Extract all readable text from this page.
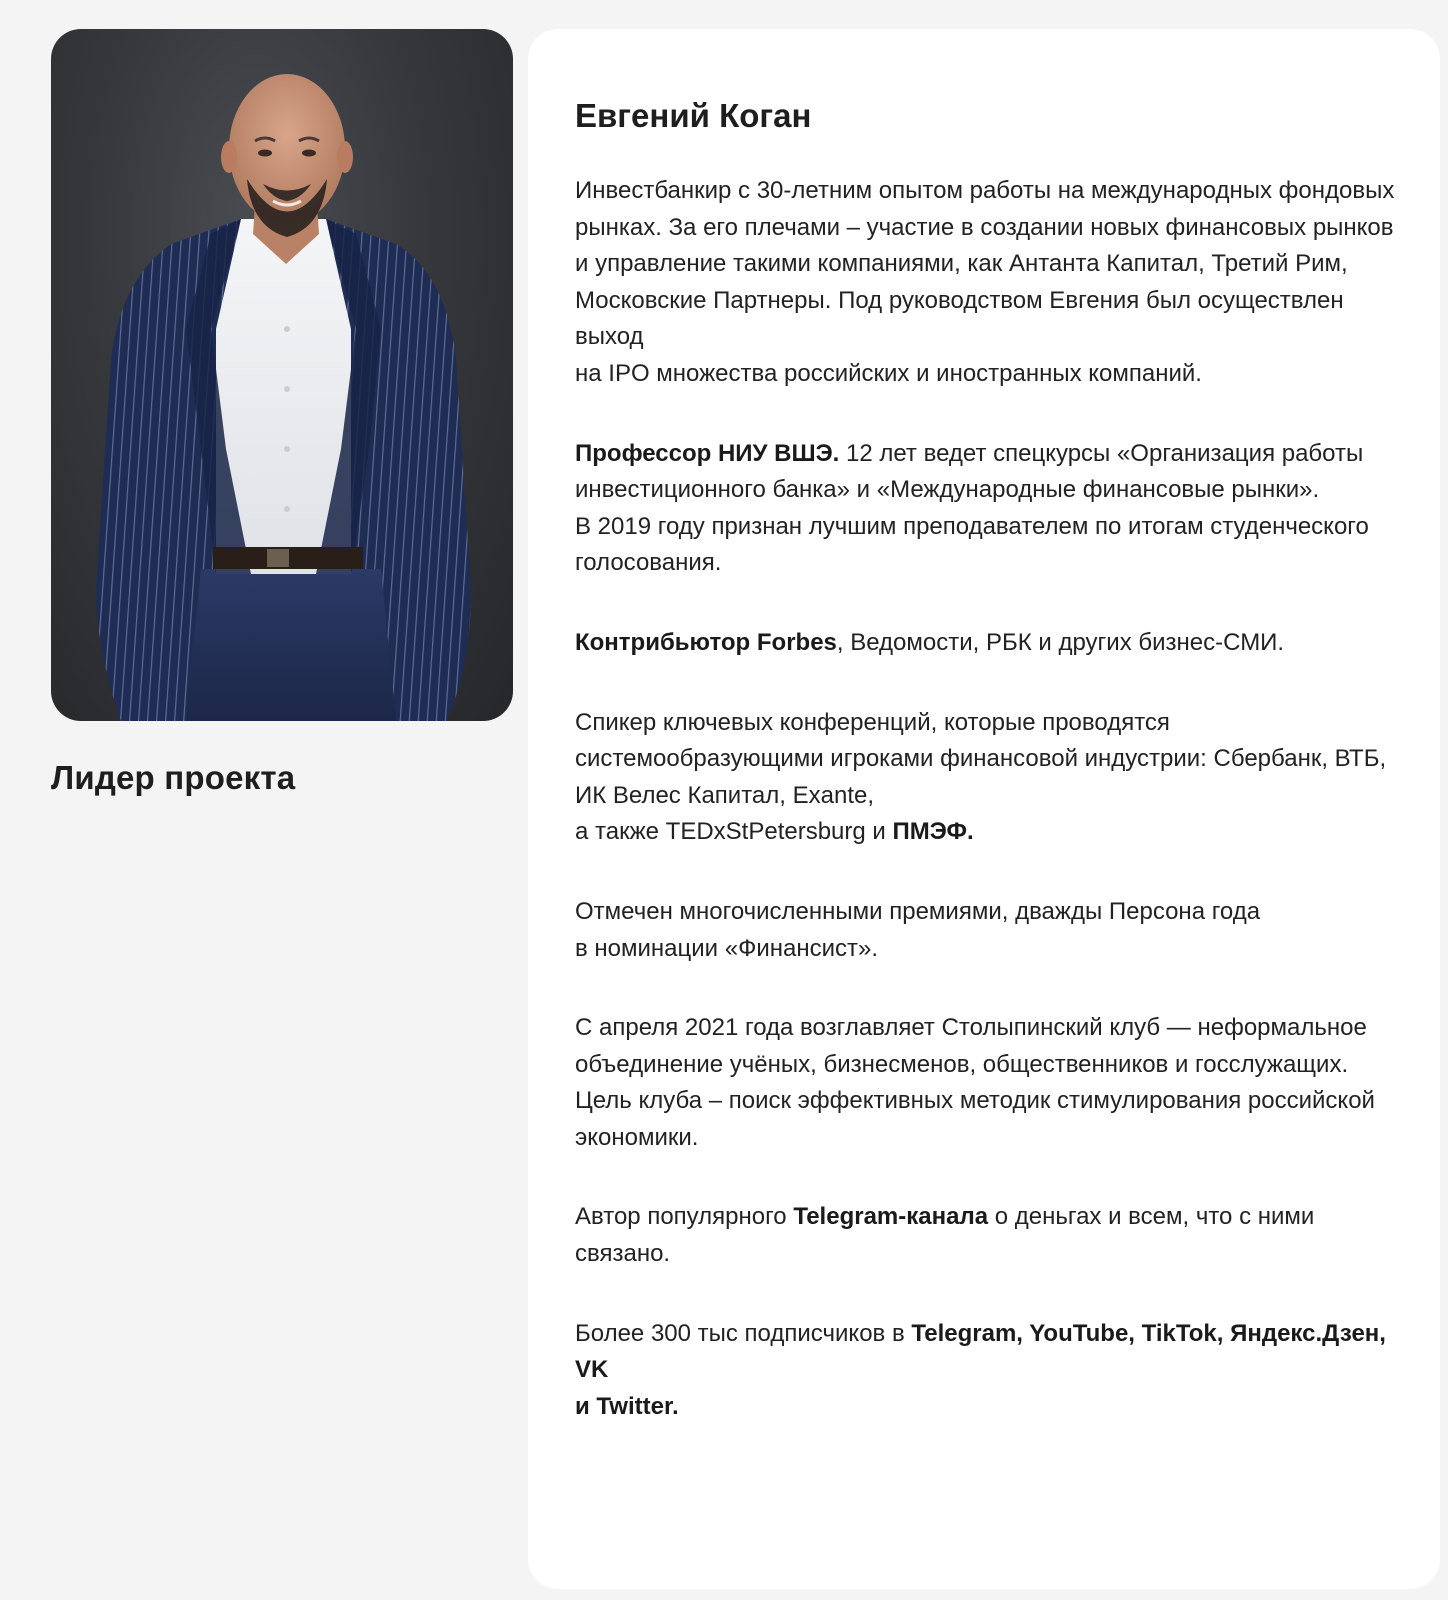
Лидер проекта
Евгений Коган

Инвестбанкир с 30-летним опытом работы на международных фондовых рынках. За его плечами – участие в создании новых финансовых рынков
и управление такими компаниями, как Антанта Капитал, Третий Рим, Московские Партнеры. Под руководством Евгения был осуществлен выход
на IPO множества российских и иностранных компаний.

Профессор НИУ ВШЭ. 12 лет ведет спецкурсы «Организация работы инвестиционного банка» и «Международные финансовые рынки».
В 2019 году признан лучшим преподавателем по итогам студенческого голосования.

Контрибьютор Forbes, Ведомости, РБК и других бизнес-СМИ.

Спикер ключевых конференций, которые проводятся системообразующими игроками финансовой индустрии: Сбербанк, ВТБ, ИК Велес Капитал, Exante,
а также TEDxStPetersburg и ПМЭФ.

Отмечен многочисленными премиями, дважды Персона года
в номинации «Финансист».

С апреля 2021 года возглавляет Столыпинский клуб — неформальное объединение учёных, бизнесменов, общественников и госслужащих. Цель клуба – поиск эффективных методик стимулирования российской экономики.

Автор популярного Telegram-канала о деньгах и всем, что с ними связано.

Более 300 тыс подписчиков в Telegram, YouTube, TikTok, Яндекс.Дзен, VK
и Twitter.
